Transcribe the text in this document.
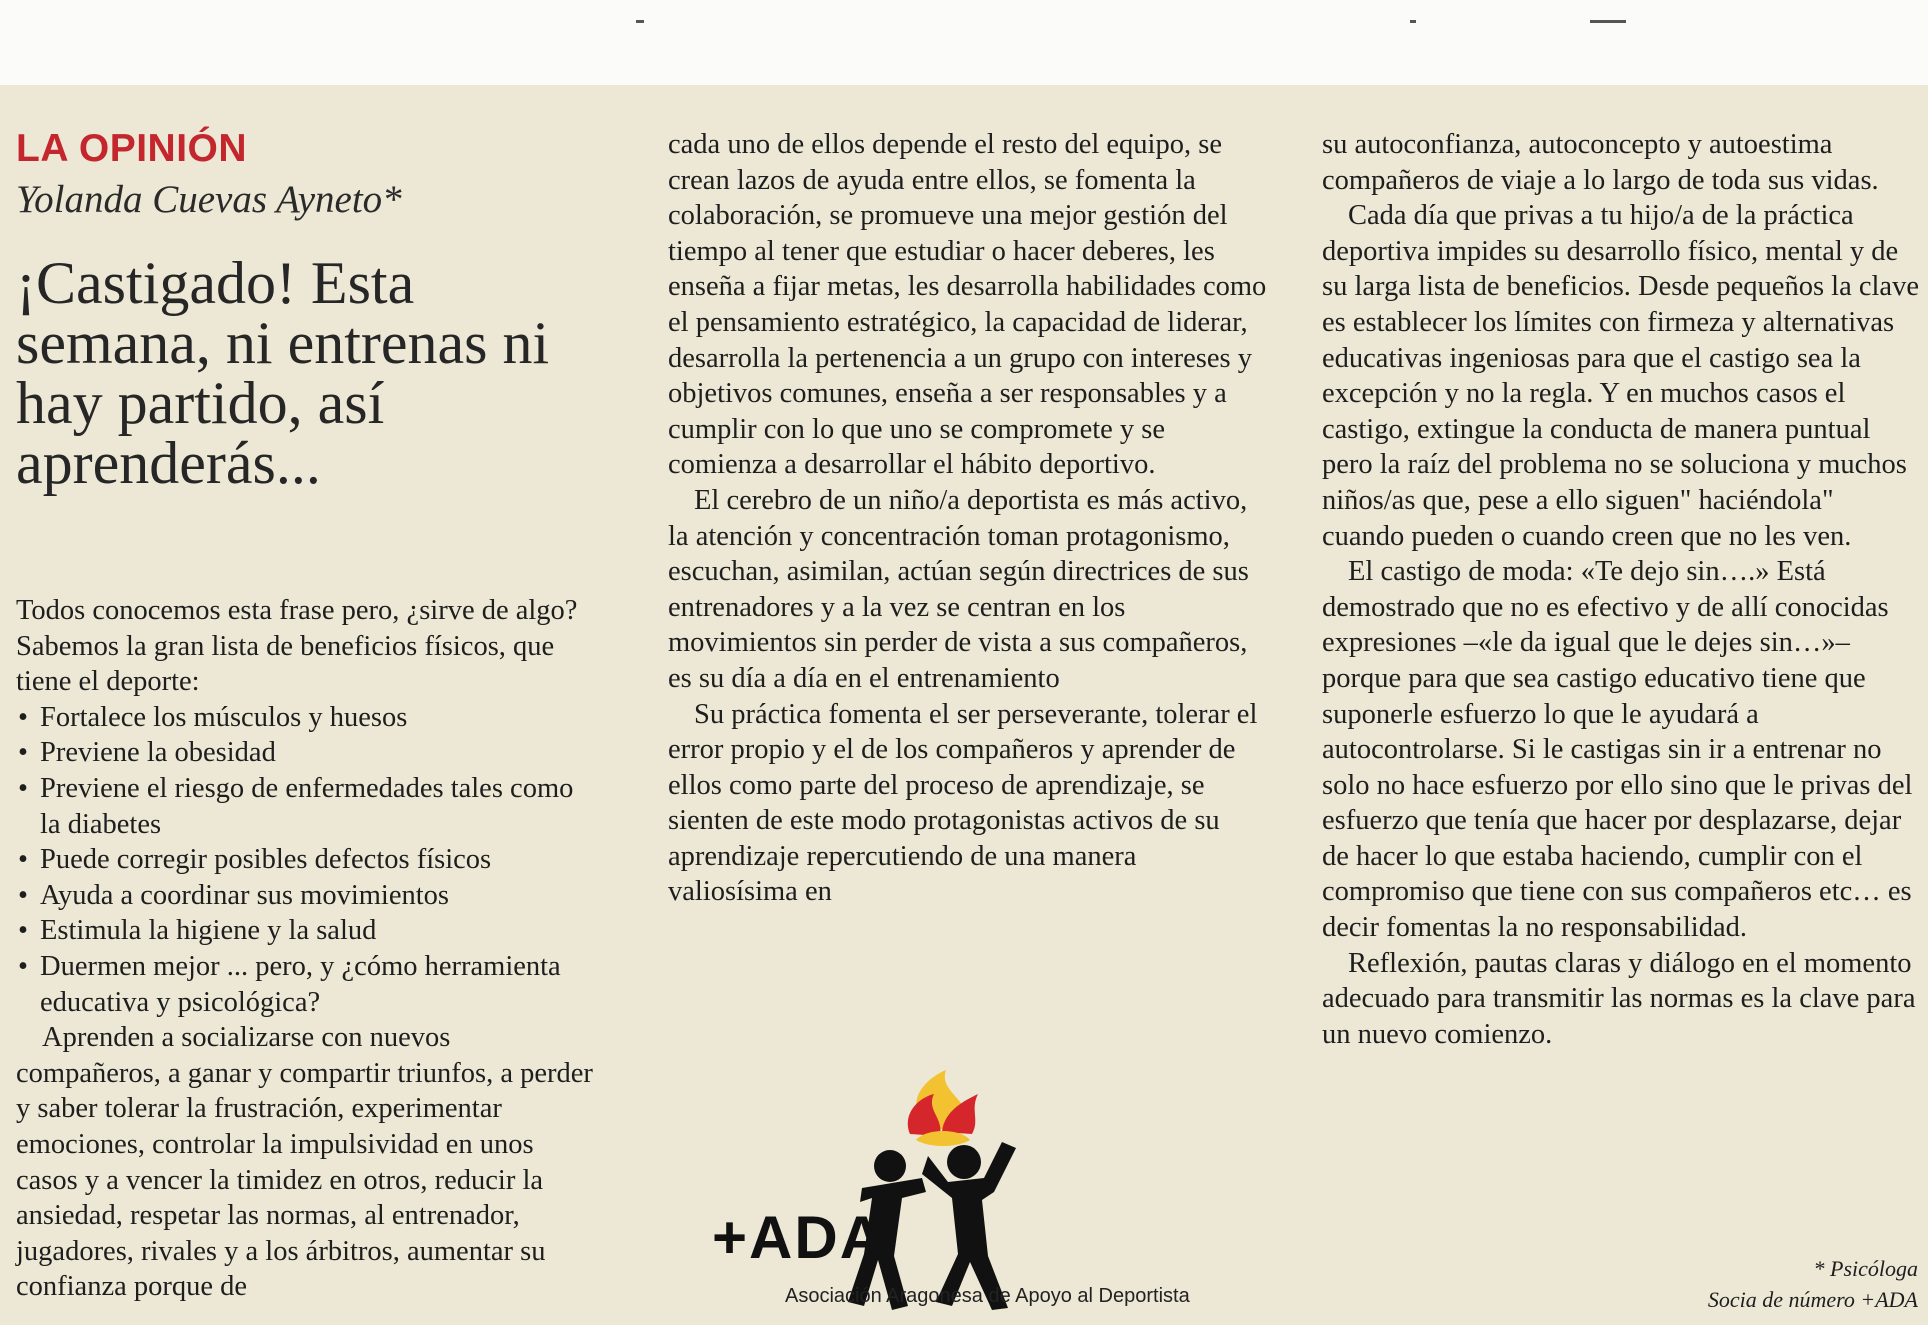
LA OPINIÓN
Yolanda Cuevas Ayneto*
¡Castigado! Esta semana, ni entrenas ni hay partido, así aprenderás...

Todos conocemos esta frase pero, ¿sirve de algo? Sabemos la gran lista de beneficios físicos, que tiene el deporte:

• Fortalece los músculos y huesos
• Previene la obesidad
• Previene el riesgo de enfermedades tales como la diabetes
• Puede corregir posibles defectos físicos
• Ayuda a coordinar sus movimientos
• Estimula la higiene y la salud
• Duermen mejor ... pero, y ¿cómo herramienta educativa y psicológica?

Aprenden a socializarse con nuevos compañeros, a ganar y compartir triunfos, a perder y saber tolerar la frustración, experimentar emociones, controlar la impulsividad en unos casos y a vencer la timidez en otros, reducir la ansiedad, respetar las normas, al entrenador, jugadores, rivales y a los árbitros, aumentar su confianza porque de

cada uno de ellos depende el resto del equipo, se crean lazos de ayuda entre ellos, se fomenta la colaboración, se promueve una mejor gestión del tiempo al tener que estudiar o hacer deberes, les enseña a fijar metas, les desarrolla habilidades como el pensamiento estratégico, la capacidad de liderar, desarrolla la pertenencia a un grupo con intereses y objetivos comunes, enseña a ser responsables y a cumplir con lo que uno se compromete y se comienza a desarrollar el hábito deportivo.

El cerebro de un niño/a deportista es más activo, la atención y concentración toman protagonismo, escuchan, asimilan, actúan según directrices de sus entrenadores y a la vez se centran en los movimientos sin perder de vista a sus compañeros, es su día a día en el entrenamiento

Su práctica fomenta el ser perseverante, tolerar el error propio y el de los compañeros y aprender de ellos como parte del proceso de aprendizaje, se sienten de este modo protagonistas activos de su aprendizaje repercutiendo de una manera valiosísima en

su autoconfianza, autoconcepto y autoestima compañeros de viaje a lo largo de toda sus vidas.

Cada día que privas a tu hijo/a de la práctica deportiva impides su desarrollo físico, mental y de su larga lista de beneficios. Desde pequeños la clave es establecer los límites con firmeza y alternativas educativas ingeniosas para que el castigo sea la excepción y no la regla. Y en muchos casos el castigo, extingue la conducta de manera puntual pero la raíz del problema no se soluciona y muchos niños/as que, pese a ello siguen" haciéndola" cuando pueden o cuando creen que no les ven.

El castigo de moda: «Te dejo sin….» Está demostrado que no es efectivo y de allí conocidas expresiones –«le da igual que le dejes sin…»– porque para que sea castigo educativo tiene que suponerle esfuerzo lo que le ayudará a autocontrolarse. Si le castigas sin ir a entrenar no solo no hace esfuerzo por ello sino que le privas del esfuerzo que tenía que hacer por desplazarse, dejar de hacer lo que estaba haciendo, cumplir con el compromiso que tiene con sus compañeros etc… es decir fomentas la no responsabilidad.

Reflexión, pautas claras y diálogo en el momento adecuado para transmitir las normas es la clave para un nuevo comienzo.

* Psicóloga
Socia de número +ADA
+ADA
Asociación Aragonesa de Apoyo al Deportista
